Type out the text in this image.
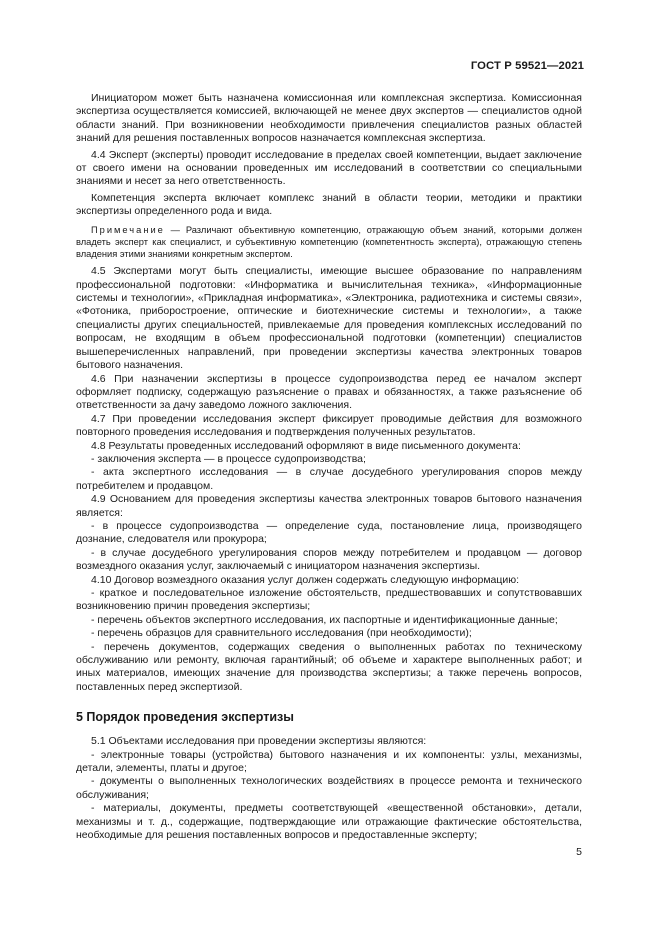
ГОСТ Р 59521—2021

Инициатором может быть назначена комиссионная или комплексная экспертиза. Комиссионная экспертиза осуществляется комиссией, включающей не менее двух экспертов — специалистов одной области знаний. При возникновении необходимости привлечения специалистов разных областей знаний для решения поставленных вопросов назначается комплексная экспертиза.

4.4 Эксперт (эксперты) проводит исследование в пределах своей компетенции, выдает заключение от своего имени на основании проведенных им исследований в соответствии со специальными знаниями и несет за него ответственность.

Компетенция эксперта включает комплекс знаний в области теории, методики и практики экспертизы определенного рода и вида.

Примечание — Различают объективную компетенцию, отражающую объем знаний, которыми должен владеть эксперт как специалист, и субъективную компетенцию (компетентность эксперта), отражающую степень владения этими знаниями конкретным экспертом.

4.5 Экспертами могут быть специалисты, имеющие высшее образование по направлениям профессиональной подготовки: «Информатика и вычислительная техника», «Информационные системы и технологии», «Прикладная информатика», «Электроника, радиотехника и системы связи», «Фотоника, приборостроение, оптические и биотехнические системы и технологии», а также специалисты других специальностей, привлекаемые для проведения комплексных исследований по вопросам, не входящим в объем профессиональной подготовки (компетенции) специалистов вышеперечисленных направлений, при проведении экспертизы качества электронных товаров бытового назначения.

4.6 При назначении экспертизы в процессе судопроизводства перед ее началом эксперт оформляет подписку, содержащую разъяснение о правах и обязанностях, а также разъяснение об ответственности за дачу заведомо ложного заключения.

4.7 При проведении исследования эксперт фиксирует проводимые действия для возможного повторного проведения исследования и подтверждения полученных результатов.

4.8 Результаты проведенных исследований оформляют в виде письменного документа:

- заключения эксперта — в процессе судопроизводства;

- акта экспертного исследования — в случае досудебного урегулирования споров между потребителем и продавцом.

4.9 Основанием для проведения экспертизы качества электронных товаров бытового назначения является:

- в процессе судопроизводства — определение суда, постановление лица, производящего дознание, следователя или прокурора;

- в случае досудебного урегулирования споров между потребителем и продавцом — договор возмездного оказания услуг, заключаемый с инициатором назначения экспертизы.

4.10 Договор возмездного оказания услуг должен содержать следующую информацию:

- краткое и последовательное изложение обстоятельств, предшествовавших и сопутствовавших возникновению причин проведения экспертизы;

- перечень объектов экспертного исследования, их паспортные и идентификационные данные;

- перечень образцов для сравнительного исследования (при необходимости);

- перечень документов, содержащих сведения о выполненных работах по техническому обслуживанию или ремонту, включая гарантийный; об объеме и характере выполненных работ; и иных материалов, имеющих значение для производства экспертизы; а также перечень вопросов, поставленных перед экспертизой.

5 Порядок проведения экспертизы

5.1 Объектами исследования при проведении экспертизы являются:

- электронные товары (устройства) бытового назначения и их компоненты: узлы, механизмы, детали, элементы, платы и другое;

- документы о выполненных технологических воздействиях в процессе ремонта и технического обслуживания;

- материалы, документы, предметы соответствующей «вещественной обстановки», детали, механизмы и т. д., содержащие, подтверждающие или отражающие фактические обстоятельства, необходимые для решения поставленных вопросов и предоставленные эксперту;

5
